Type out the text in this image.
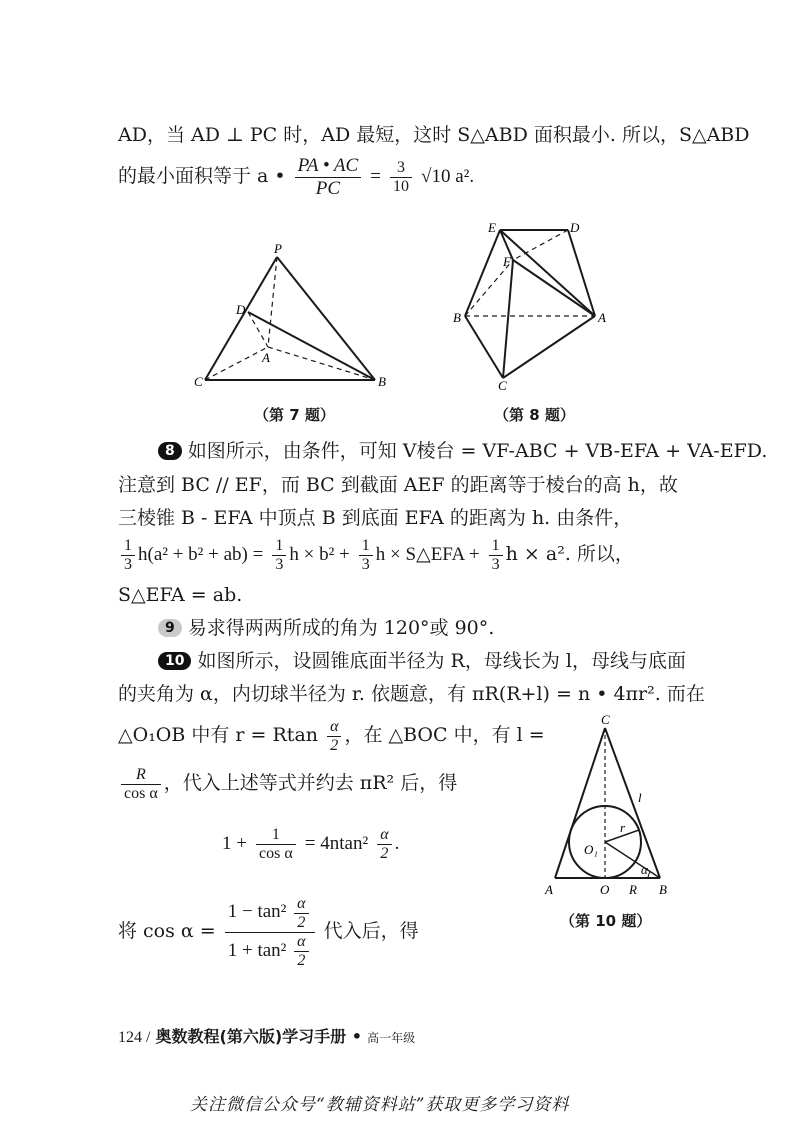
AD，当 AD ⊥ PC 时，AD 最短，这时 S△ABD 面积最小. 所以，S△ABD
的最小面积等于 a • $\frac{PA • AC}{PC} = \frac{3}{10} √10$ a².
P
D
A
C	B
（第 7 题）
E	D
F
B	A
C
（第 8 题）
8 如图所示，由条件，可知 V棱台 = VF-ABC + VB-EFA + VA-EFD.
注意到 BC // EF，而 BC 到截面 AEF 的距离等于棱台的高 h，故
三棱锥 B - EFA 中顶点 B 到底面 EFA 的距离为 h. 由条件，
$\frac{1}{3} h(a^2 + b^2 + ab) = \frac{1}{3}$ $h \times b^2 + \frac{1}{3}$ h × S△EFA + $\frac{1}{3}$ h × a². 所以，
S△EFA = ab.
9 易求得两两所成的角为 120°或 90°.
10 如图所示，设圆锥底面半径为 R，母线长为 l，母线与底面
的夹角为 α，内切球半径为 r. 依题意，有 πR(R+l) = n • 4πr². 而在
△O₁OB 中有 r = Rtan $\frac{\alpha}{2}$ ，在 △BOC 中，有 l =
$\frac{R}{\text{cos α}}$ ，代入上述等式并约去 πR² 后，得
$1 + \frac{1}{\text{cos α}} = 4ntan^2 \frac{\alpha}{2}$ .
将 $\cos \alpha = \frac{1 - \tan^2 \frac{\alpha}{2}}{1 + \tan^2 \frac{\alpha}{2}}$ 代入后，得
C
l
r
O₁
α
A	O R B
（第 10 题）
124 / 奥数教程(第六版)学习手册 • 高一年级
关注微信公众号“教辅资料站”获取更多学习资料
